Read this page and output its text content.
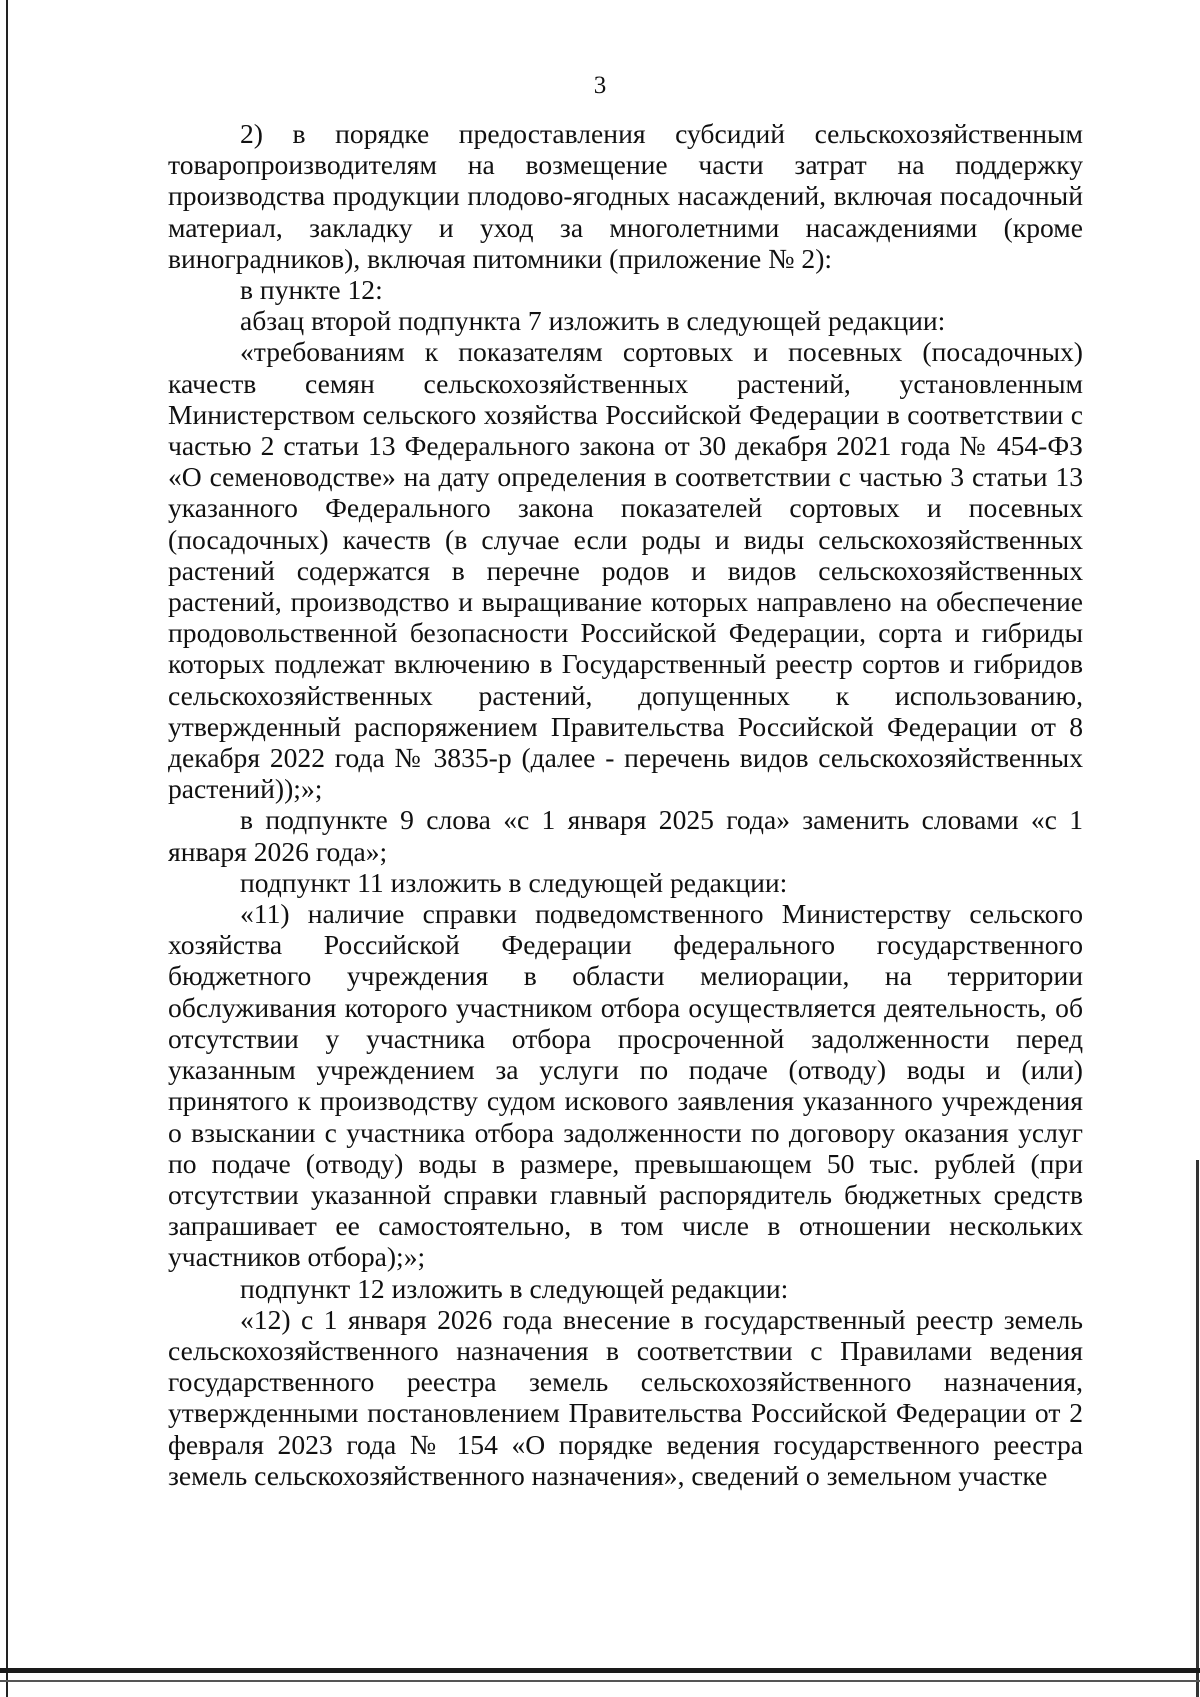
3

2) в порядке предоставления субсидий сельскохозяйственным товаропроизводителям на возмещение части затрат на поддержку производства продукции плодово-ягодных насаждений, включая посадочный материал, закладку и уход за многолетними насаждениями (кроме виноградников), включая питомники (приложение № 2):

в пункте 12:

абзац второй подпункта 7 изложить в следующей редакции:

«требованиям к показателям сортовых и посевных (посадочных) качеств семян сельскохозяйственных растений, установленным Министерством сельского хозяйства Российской Федерации в соответствии с частью 2 статьи 13 Федерального закона от 30 декабря 2021 года № 454-ФЗ «О семеноводстве» на дату определения в соответствии с частью 3 статьи 13 указанного Федерального закона показателей сортовых и посевных (посадочных) качеств (в случае если роды и виды сельскохозяйственных растений содержатся в перечне родов и видов сельскохозяйственных растений, производство и выращивание которых направлено на обеспечение продовольственной безопасности Российской Федерации, сорта и гибриды которых подлежат включению в Государственный реестр сортов и гибридов сельскохозяйственных растений, допущенных к использованию, утвержденный распоряжением Правительства Российской Федерации от 8 декабря 2022 года № 3835-р (далее - перечень видов сельскохозяйственных растений));»;

в подпункте 9 слова «с 1 января 2025 года» заменить словами «с 1 января 2026 года»;

подпункт 11 изложить в следующей редакции:

«11) наличие справки подведомственного Министерству сельского хозяйства Российской Федерации федерального государственного бюджетного учреждения в области мелиорации, на территории обслуживания которого участником отбора осуществляется деятельность, об отсутствии у участника отбора просроченной задолженности перед указанным учреждением за услуги по подаче (отводу) воды и (или) принятого к производству судом искового заявления указанного учреждения о взыскании с участника отбора задолженности по договору оказания услуг по подаче (отводу) воды в размере, превышающем 50 тыс. рублей (при отсутствии указанной справки главный распорядитель бюджетных средств запрашивает ее самостоятельно, в том числе в отношении нескольких участников отбора);»;

подпункт 12 изложить в следующей редакции:

«12) с 1 января 2026 года внесение в государственный реестр земель сельскохозяйственного назначения в соответствии с Правилами ведения государственного реестра земель сельскохозяйственного назначения, утвержденными постановлением Правительства Российской Федерации от 2 февраля 2023 года № 154 «О порядке ведения государственного реестра земель сельскохозяйственного назначения», сведений о земельном участке
